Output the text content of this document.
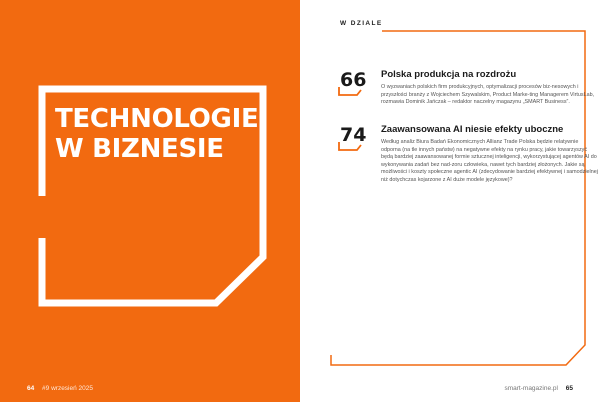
TECHNOLOGIE
W BIZNESIE
64 #9 wrzesień 2025
W DZIALE
66 Polska produkcja na rozdrożu

O wyzwaniach polskich firm produkcyjnych, optymalizacji procesów biz-nesowych i przyszłości branży z Wojciechem Szywalskim, Product Marke-ting Managerem VirtusLab, rozmawia Dominik Jańczak – redaktor naczelny magazynu „SMART Business”.

74 Zaawansowana AI niesie efekty uboczne

Według analiz Biura Badań Ekonomicznych Allianz Trade Polska będzie relatywnie odporna (na tle innych państw) na negatywne efekty na rynku pracy, jakie towarzyszyć będą bardziej zaawansowanej formie sztucznej inteligencji, wykorzystującej agentów AI do wykonywania zadań bez nad-zoru człowieka, nawet tych bardziej złożonych. Jakie są możliwości i koszty społeczne agentic AI (zdecydowanie bardziej efektywnej i samodzielnej niż dotychczas kojarzone z AI duże modele językowe)?

smart-magazine.pl 65
